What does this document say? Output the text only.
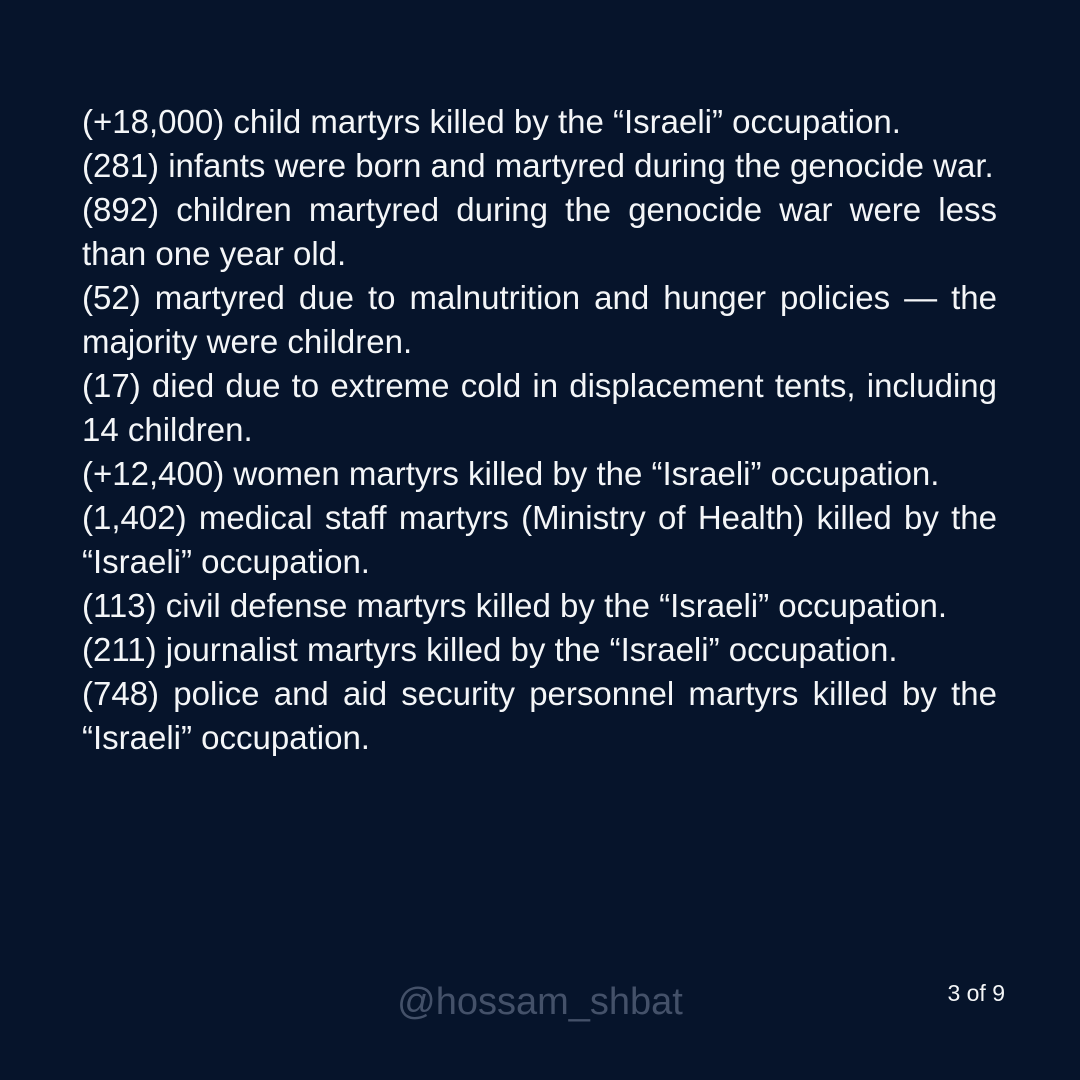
(+18,000) child martyrs killed by the “Israeli” occupation.
(281) infants were born and martyred during the genocide war.
(892) children martyred during the genocide war were less than one year old.
(52) martyred due to malnutrition and hunger policies — the majority were children.
(17) died due to extreme cold in displacement tents, including 14 children.
(+12,400) women martyrs killed by the “Israeli” occupation.
(1,402) medical staff martyrs (Ministry of Health) killed by the “Israeli” occupation.
(113) civil defense martyrs killed by the “Israeli” occupation.
(211) journalist martyrs killed by the “Israeli” occupation.
(748) police and aid security personnel martyrs killed by the “Israeli” occupation.
@hossam_shbat	3 of 9
